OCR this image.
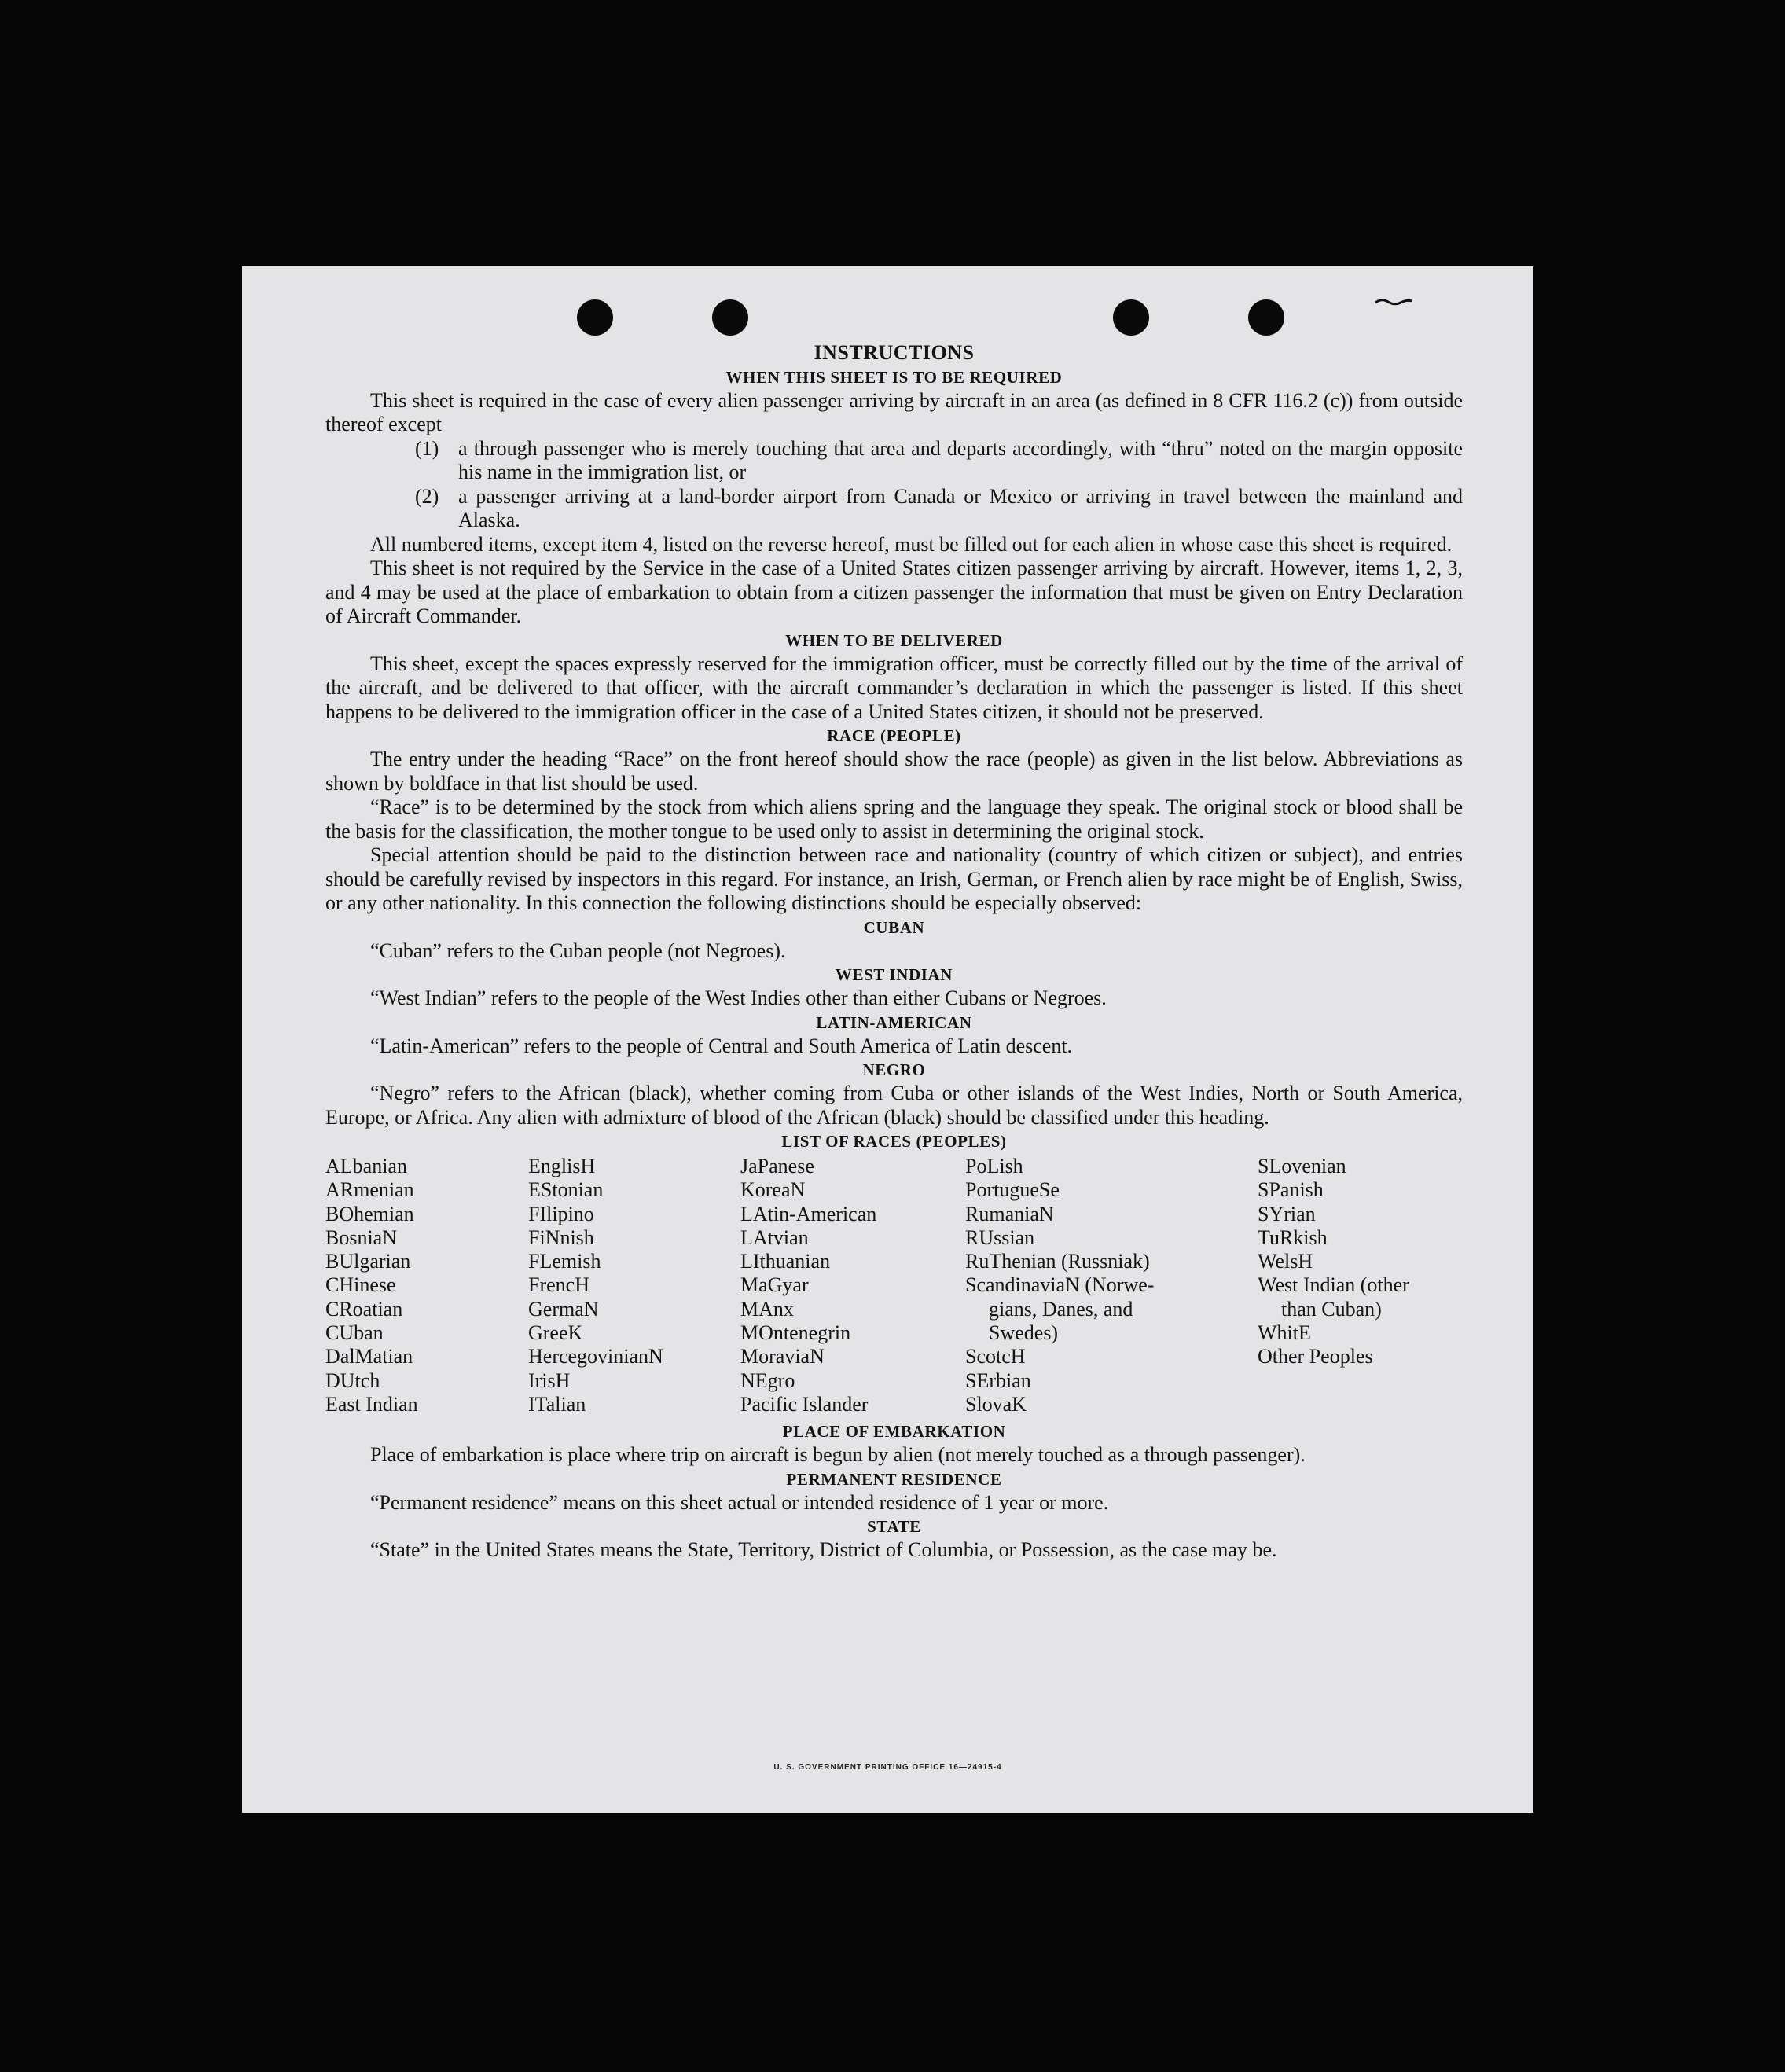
INSTRUCTIONS

WHEN THIS SHEET IS TO BE REQUIRED

This sheet is required in the case of every alien passenger arriving by aircraft in an area (as defined in 8 CFR 116.2 (c)) from outside thereof except

(1) a through passenger who is merely touching that area and departs accordingly, with “thru” noted on the margin opposite his name in the immigration list, or
(2) a passenger arriving at a land-border airport from Canada or Mexico or arriving in travel between the mainland and Alaska.

All numbered items, except item 4, listed on the reverse hereof, must be filled out for each alien in whose case this sheet is required.

This sheet is not required by the Service in the case of a United States citizen passenger arriving by aircraft. However, items 1, 2, 3, and 4 may be used at the place of embarkation to obtain from a citizen passenger the information that must be given on Entry Declaration of Aircraft Commander.

WHEN TO BE DELIVERED

This sheet, except the spaces expressly reserved for the immigration officer, must be correctly filled out by the time of the arrival of the aircraft, and be delivered to that officer, with the aircraft commander’s declaration in which the passenger is listed. If this sheet happens to be delivered to the immigration officer in the case of a United States citizen, it should not be preserved.

RACE (PEOPLE)

The entry under the heading “Race” on the front hereof should show the race (people) as given in the list below. Abbreviations as shown by boldface in that list should be used.

“Race” is to be determined by the stock from which aliens spring and the language they speak. The original stock or blood shall be the basis for the classification, the mother tongue to be used only to assist in determining the original stock.

Special attention should be paid to the distinction between race and nationality (country of which citizen or subject), and entries should be carefully revised by inspectors in this regard. For instance, an Irish, German, or French alien by race might be of English, Swiss, or any other nationality. In this connection the following distinctions should be especially observed:

CUBAN

“Cuban” refers to the Cuban people (not Negroes).

WEST INDIAN

“West Indian” refers to the people of the West Indies other than either Cubans or Negroes.

LATIN-AMERICAN

“Latin-American” refers to the people of Central and South America of Latin descent.

NEGRO

“Negro” refers to the African (black), whether coming from Cuba or other islands of the West Indies, North or South America, Europe, or Africa. Any alien with admixture of blood of the African (black) should be classified under this heading.

LIST OF RACES (PEOPLES)

ALbanian
ARmenian
BOhemian
BosniaN
BUlgarian
CHinese
CRoatian
CUban
DalMatian
DUtch
East Indian
EnglisH
EStonian
FIlipino
FiNnish
FLemish
FrencH
GermaN
GreeK
HercegovinianN
IrisH
ITalian
JaPanese
KoreaN
LAtin-American
LAtvian
LIthuanian
MaGyar
MAnx
MOntenegrin
MoraviaN
NEgro
Pacific Islander
PoLish
PortugueSe
RumaniaN
RUssian
RuThenian (Russniak)
ScandinaviaN (Norwe-
gians, Danes, and
Swedes)
ScotcH
SErbian
SlovaK
SLovenian
SPanish
SYrian
TuRkish
WelsH
West Indian (other
than Cuban)
WhitE
Other Peoples

PLACE OF EMBARKATION

Place of embarkation is place where trip on aircraft is begun by alien (not merely touched as a through passenger).

PERMANENT RESIDENCE

“Permanent residence” means on this sheet actual or intended residence of 1 year or more.

STATE

“State” in the United States means the State, Territory, District of Columbia, or Possession, as the case may be.

U. S. GOVERNMENT PRINTING OFFICE 16—24915-4
